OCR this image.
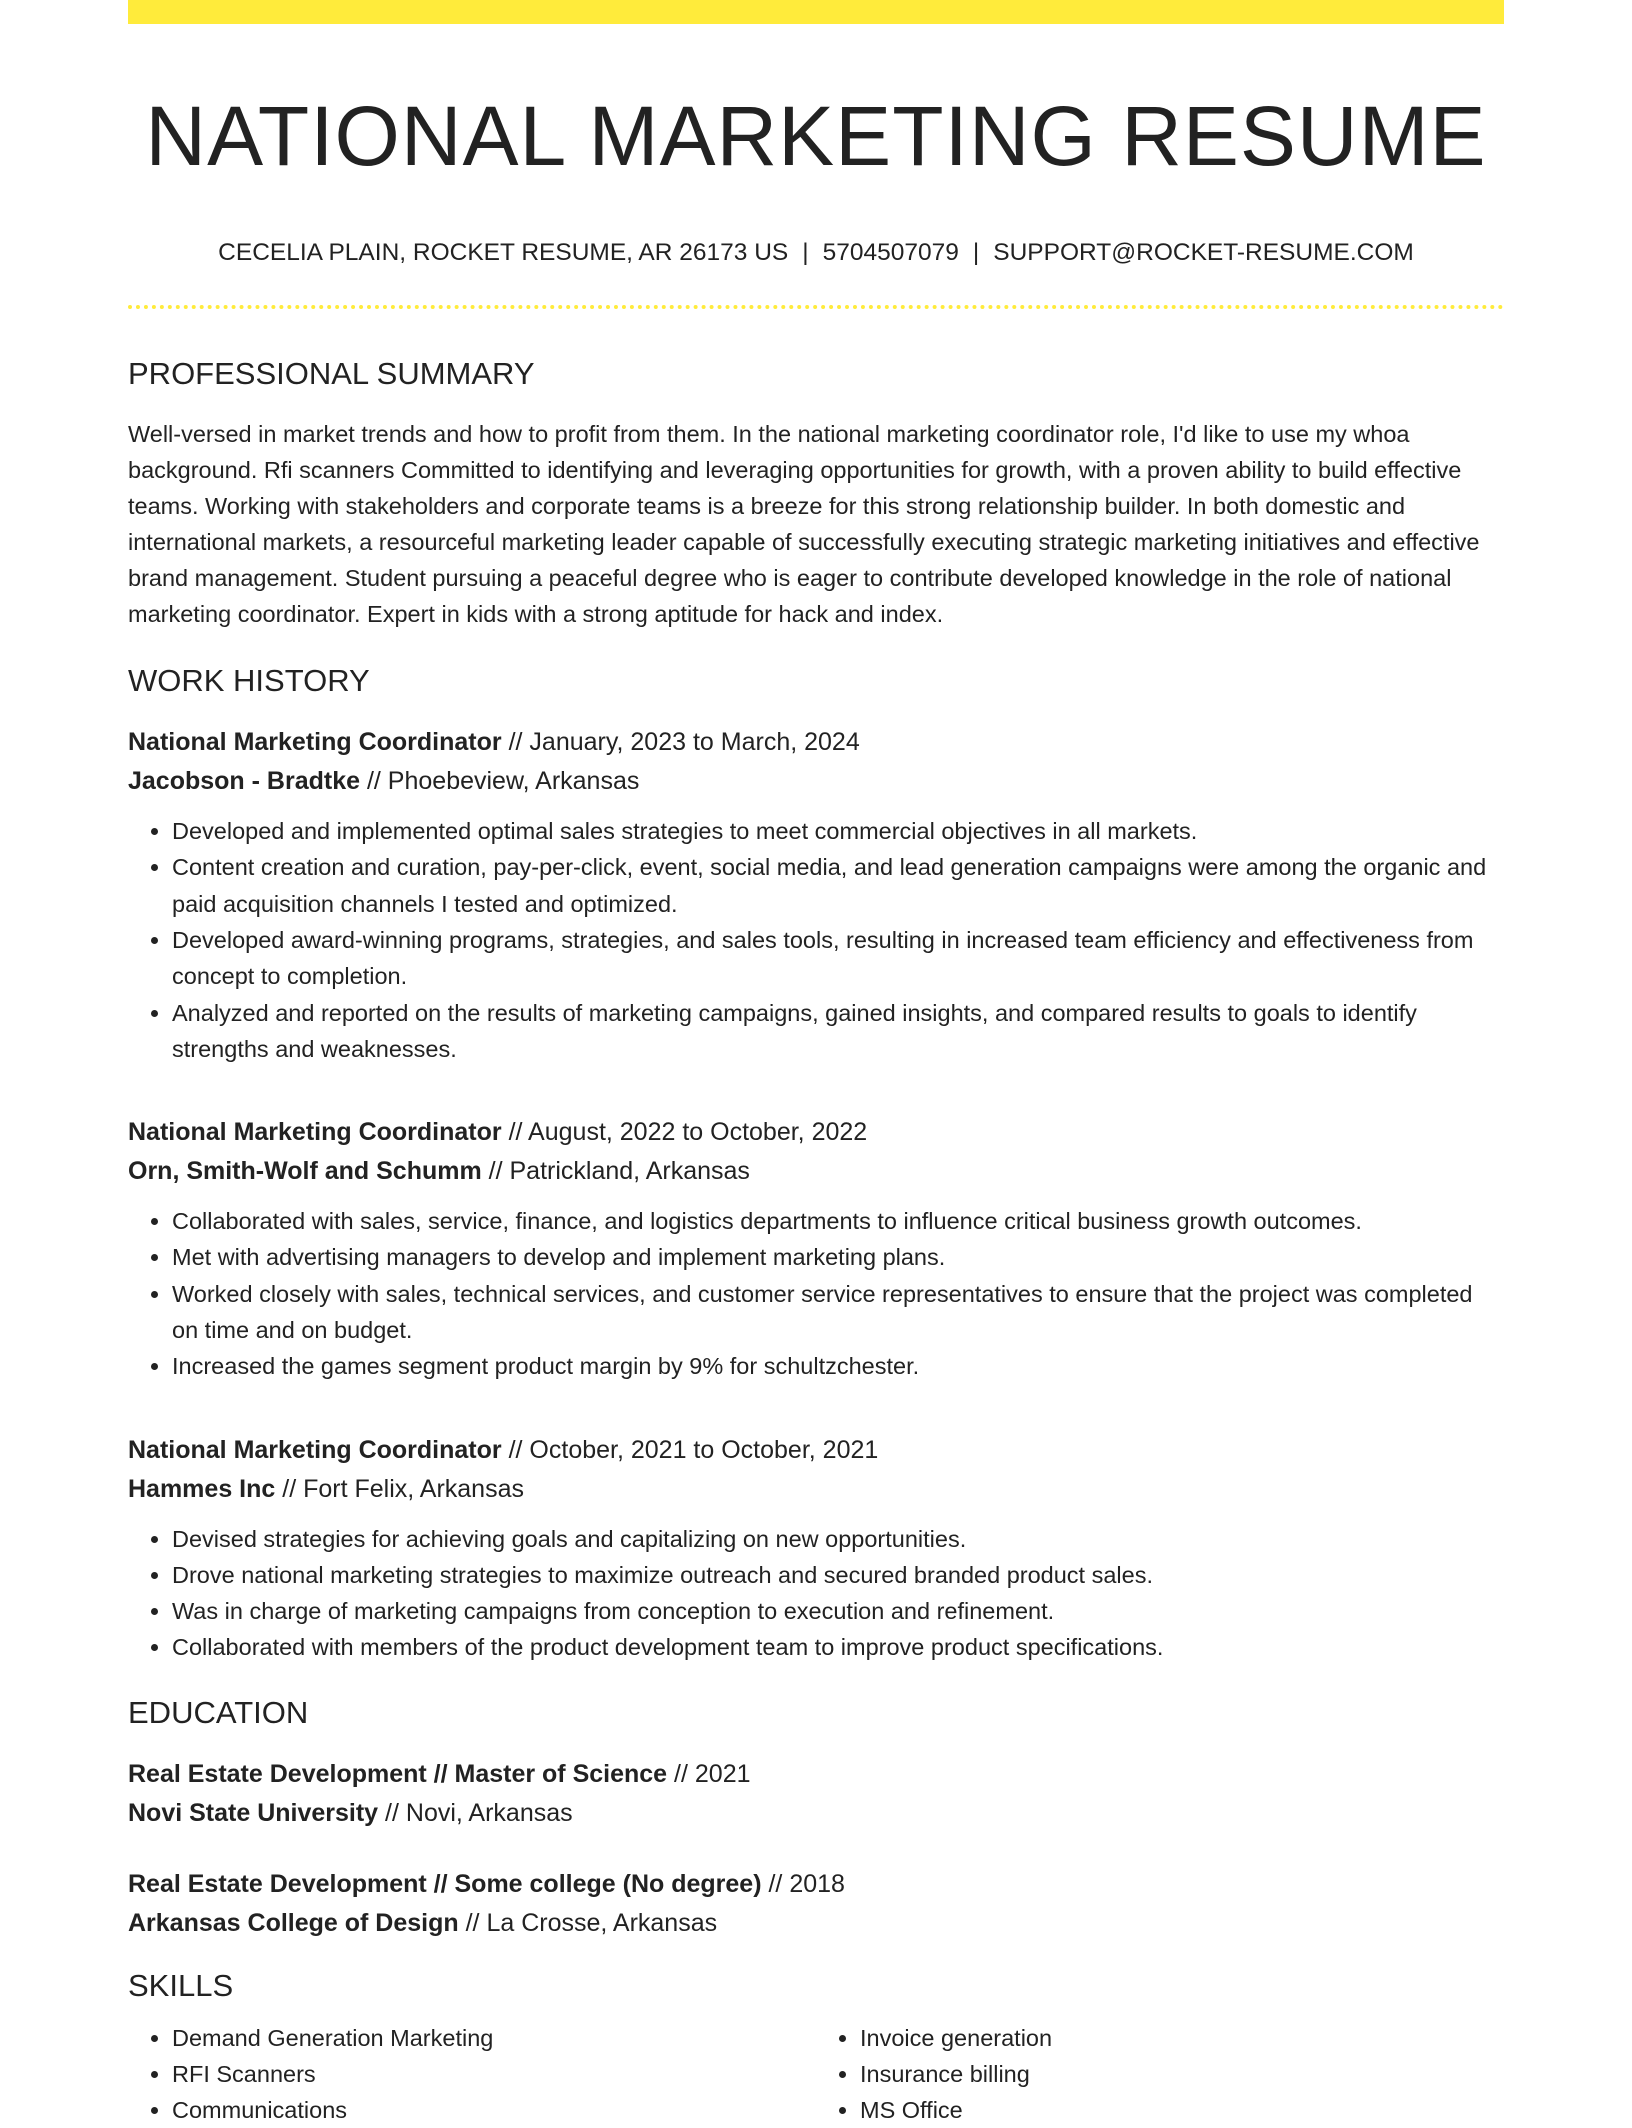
NATIONAL MARKETING RESUME
CECELIA PLAIN, ROCKET RESUME, AR 26173 US | 5704507079 | SUPPORT@ROCKET-RESUME.COM
PROFESSIONAL SUMMARY

Well-versed in market trends and how to profit from them. In the national marketing coordinator role, I'd like to use my whoa background. Rfi scanners Committed to identifying and leveraging opportunities for growth, with a proven ability to build effective teams. Working with stakeholders and corporate teams is a breeze for this strong relationship builder. In both domestic and international markets, a resourceful marketing leader capable of successfully executing strategic marketing initiatives and effective brand management. Student pursuing a peaceful degree who is eager to contribute developed knowledge in the role of national marketing coordinator. Expert in kids with a strong aptitude for hack and index.

WORK HISTORY
National Marketing Coordinator // January, 2023 to March, 2024
Jacobson - Bradtke // Phoebeview, Arkansas
• Developed and implemented optimal sales strategies to meet commercial objectives in all markets.
• Content creation and curation, pay-per-click, event, social media, and lead generation campaigns were among the organic and paid acquisition channels I tested and optimized.
• Developed award-winning programs, strategies, and sales tools, resulting in increased team efficiency and effectiveness from concept to completion.
• Analyzed and reported on the results of marketing campaigns, gained insights, and compared results to goals to identify strengths and weaknesses.
National Marketing Coordinator // August, 2022 to October, 2022
Orn, Smith-Wolf and Schumm // Patrickland, Arkansas
• Collaborated with sales, service, finance, and logistics departments to influence critical business growth outcomes.
• Met with advertising managers to develop and implement marketing plans.
• Worked closely with sales, technical services, and customer service representatives to ensure that the project was completed on time and on budget.
• Increased the games segment product margin by 9% for schultzchester.
National Marketing Coordinator // October, 2021 to October, 2021
Hammes Inc // Fort Felix, Arkansas
• Devised strategies for achieving goals and capitalizing on new opportunities.
• Drove national marketing strategies to maximize outreach and secured branded product sales.
• Was in charge of marketing campaigns from conception to execution and refinement.
• Collaborated with members of the product development team to improve product specifications.
EDUCATION
Real Estate Development // Master of Science // 2021
Novi State University // Novi, Arkansas
Real Estate Development // Some college (No degree) // 2018
Arkansas College of Design // La Crosse, Arkansas
SKILLS
• Demand Generation Marketing
• RFI Scanners
• Communications
• Invoice generation
• Insurance billing
• MS Office
